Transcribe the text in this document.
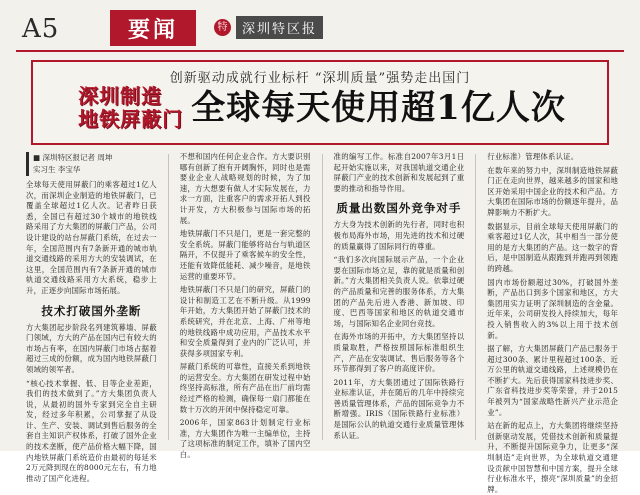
A5	要闻	特	深圳特区报
创新驱动成就行业标杆 “深圳质量”强势走出国门
深圳制造
地铁屏蔽门 全球每天使用超1亿人次
■ 深圳特区报记者 周坤
实习生 李宝华

全球每天使用屏蔽门的乘客超过1亿人次，而深圳企业制造的地铁屏蔽门，已覆盖全球超过1亿人次。记者昨日获悉，全国已有超过30个城市的地铁线路采用了方大集团的屏蔽门产品，公司设计建设的站台屏蔽门系统，在过去一年，全国范围内有7条新开通的城市轨道交通线路的采用方大的安装调试，在这里，全国范围内有7条新开通的城市轨道交通线路采用方大系统，稳步上升，正逐步向国际市场拓展。

技术打破国外垄断

方大集团起步阶段名列建筑幕墙、屏蔽门领域，方大的产品在国内已有较大的市场占有率，在国内屏蔽门市场占据着超过三成的份额，成为国内地铁屏蔽门领域的领军者。

“核心技术掌握、低、目等企业差距，我们的技术做到了。”方大集团负责人说，从最初的国外专家到完全自主研发，经过多年积累，公司掌握了从设计、生产、安装、调试到售后服务的全套自主知识产权体系，打破了国外企业的技术垄断，使产品价格大幅下降，国内地铁屏蔽门系统造价由最初的每延米2万元降到现在的8000元左右，有力地推动了国产化进程。

不想和国内任何企业合作。方大要识别哪有创新了抱有开阔胸怀，同时也是需要业企业人战略规划的时候，为了加速，方大想要有做人才实际发展在，力求一方面，注重客户的需求开拓人到投计开发，方大积极参与国际市场的拓展。

地铁屏蔽门不只是门，更是一套完整的安全系统。屏蔽门能够将站台与轨道区隔开，不仅提升了乘客候车的安全性，还能有效降低能耗、减少噪音，是地铁运营的重要环节。

地铁屏蔽门不只是门的研究，屏蔽门的设计和制造工艺在不断升级。从1999年开始，方大集团开始了屏蔽门技术的系统研究，并在北京、上海、广州等地的地铁线路中成功应用，产品技术水平和安全质量得到了业内的广泛认可，并获得多项国家专利。

屏蔽门系统的可靠性，直接关系到地铁的运营安全。方大集团在研发过程中始终坚持高标准，所有产品在出厂前均需经过严格的检测，确保每一扇门都能在数十万次的开闭中保持稳定可靠。

2006年，国家863计划制定行业标准，方大集团作为唯一主编单位，主持了这项标准的制定工作，填补了国内空白。

准的编写工作。标准自2007年3月1日起开始实施以来，对我国轨道交通企业屏蔽门产业的技术创新和发展起到了重要的推动和指导作用。

质量出数国外竞争对手

方大身为技术创新的先行者，同时也积极布局海外市场，用先进的技术和过硬的质量赢得了国际同行的尊重。

“我们多次向国际展示产品，一个企业要在国际市场立足，靠的就是质量和创新。”方大集团相关负责人说。依靠过硬的产品质量和完善的服务体系，方大集团的产品先后进入香港、新加坡、印度、巴西等国家和地区的轨道交通市场，与国际知名企业同台竞技。

在海外市场的开拓中，方大集团坚持以质量取胜，严格按照国际标准组织生产，产品在安装调试、售后服务等各个环节都得到了客户的高度评价。

2011年，方大集团通过了国际铁路行业标准认证，并在随后的几年中持续完善质量管理体系，产品的国际竞争力不断增强。IRIS（国际铁路行业标准）是国际公认的轨道交通行业质量管理体系认证。

行业标准）管理体系认证。

在数年来的努力中，深圳制造地铁屏蔽门正在走向世界，越来越多的国家和地区开始采用中国企业的技术和产品。方大集团在国际市场的份额逐年提升，品牌影响力不断扩大。

数据显示，目前全球每天使用屏蔽门的乘客超过1亿人次，其中相当一部分使用的是方大集团的产品。这一数字的背后，是中国制造从跟跑到并跑再到领跑的跨越。

国内市场份额超过30%，打破国外垄断，产品出口到多个国家和地区，方大集团用实力证明了深圳制造的含金量。近年来，公司研发投入持续加大，每年投入销售收入的3%以上用于技术创新。

据了解，方大集团屏蔽门产品已服务于超过300条、累计里程超过100条、近万公里的轨道交通线路，上述规模仍在不断扩大。先后获得国家科技进步奖、广东省科技进步奖等荣誉，并于2015年被列为“国家战略性新兴产业示范企业”。

站在新的起点上，方大集团将继续坚持创新驱动发展，凭借技术创新和质量提升，不断提升国际竞争力，让更多“深圳制造”走向世界，为全球轨道交通建设贡献中国智慧和中国方案，提升全球行业标准水平，擦亮“深圳质量”的金招牌。
